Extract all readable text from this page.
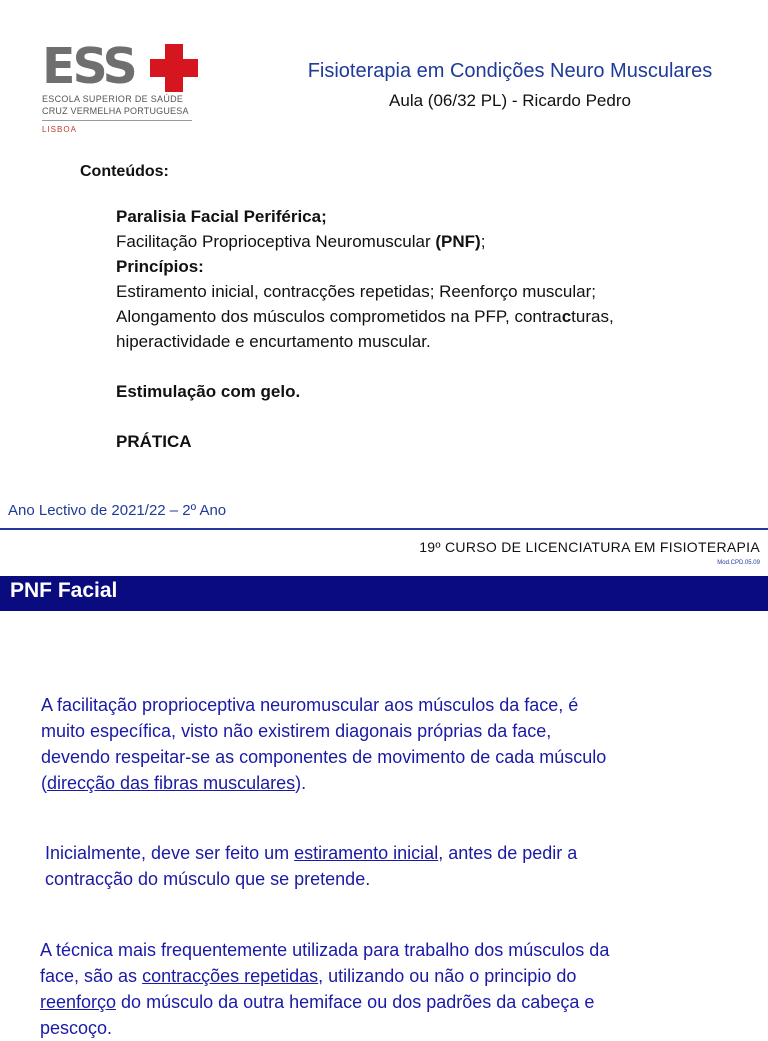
ESS
ESCOLA SUPERIOR DE SAÚDE
CRUZ VERMELHA PORTUGUESA
LISBOA
Fisioterapia em Condições Neuro Musculares
Aula (06/32 PL) - Ricardo Pedro
Conteúdos:
Paralisia Facial Periférica;
Facilitação Proprioceptiva Neuromuscular (PNF);
Princípios:
Estiramento inicial, contracções repetidas; Reenforço muscular;
Alongamento dos músculos comprometidos na PFP, contracturas,
hiperactividade e encurtamento muscular.
Estimulação com gelo.
PRÁTICA
Ano Lectivo de 2021/22 – 2º Ano
19º CURSO DE LICENCIATURA EM FISIOTERAPIA
Mod.CPD.05.09
PNF Facial
A facilitação proprioceptiva neuromuscular aos músculos da face, é
muito específica, visto não existirem diagonais próprias da face,
devendo respeitar-se as componentes de movimento de cada músculo
(direcção das fibras musculares).
Inicialmente, deve ser feito um estiramento inicial, antes de pedir a
contracção do músculo que se pretende.
A técnica mais frequentemente utilizada para trabalho dos músculos da
face, são as contracções repetidas, utilizando ou não o principio do
reenforço do músculo da outra hemiface ou dos padrões da cabeça e
pescoço.
